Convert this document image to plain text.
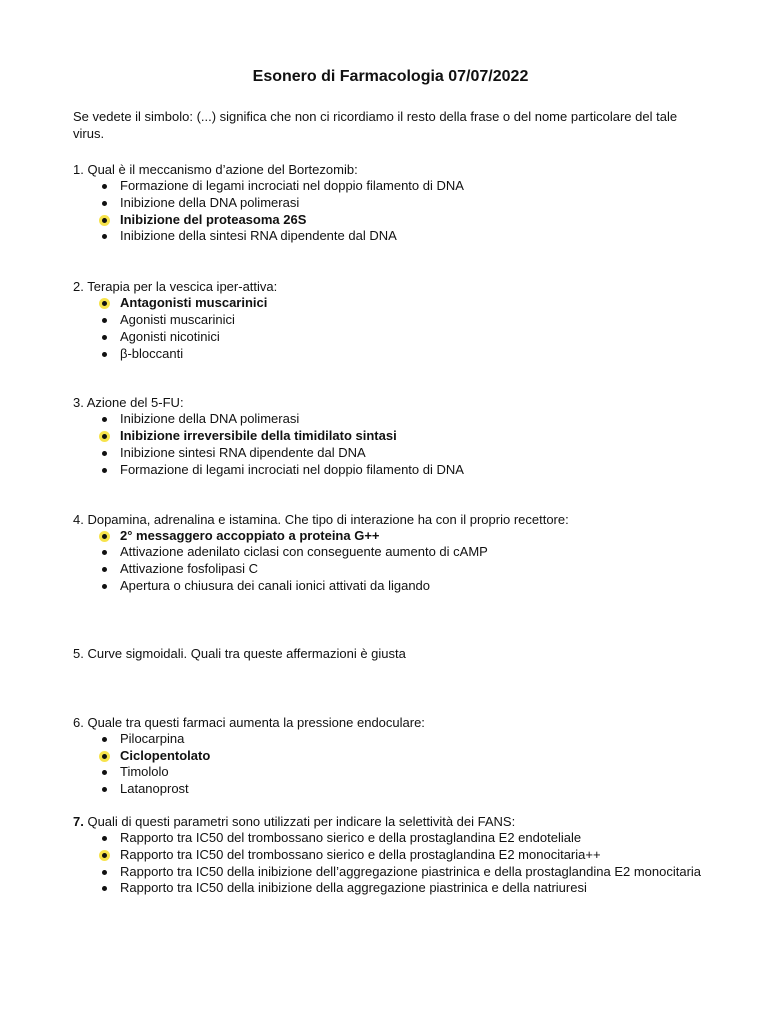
Esonero di Farmacologia 07/07/2022
Se vedete il simbolo: (...) significa che non ci ricordiamo il resto della frase o del nome particolare del tale virus.
1. Qual è il meccanismo d’azione del Bortezomib:
Formazione di legami incrociati nel doppio filamento di DNA
Inibizione della DNA polimerasi
Inibizione del proteasoma 26S
Inibizione della sintesi RNA dipendente dal DNA
2. Terapia per la vescica iper-attiva:
Antagonisti muscarinici
Agonisti muscarinici
Agonisti nicotinici
β-bloccanti
3. Azione del 5-FU:
Inibizione della DNA polimerasi
Inibizione irreversibile della timidilato sintasi
Inibizione sintesi RNA dipendente dal DNA
Formazione di legami incrociati nel doppio filamento di DNA
4. Dopamina, adrenalina e istamina. Che tipo di interazione ha con il proprio recettore:
2° messaggero accoppiato a proteina G++
Attivazione adenilato ciclasi con conseguente aumento di cAMP
Attivazione fosfolipasi C
Apertura o chiusura dei canali ionici attivati da ligando
5. Curve sigmoidali. Quali tra queste affermazioni è giusta
6. Quale tra questi farmaci aumenta la pressione endoculare:
Pilocarpina
Ciclopentolato
Timololo
Latanoprost
7. Quali di questi parametri sono utilizzati per indicare la selettività dei FANS:
Rapporto tra IC50 del trombossano sierico e della prostaglandina E2 endoteliale
Rapporto tra IC50 del trombossano sierico e della prostaglandina E2 monocitaria++
Rapporto tra IC50 della inibizione dell’aggregazione piastrinica e della prostaglandina E2 monocitaria
Rapporto tra IC50 della inibizione della aggregazione piastrinica e della natriuresi
